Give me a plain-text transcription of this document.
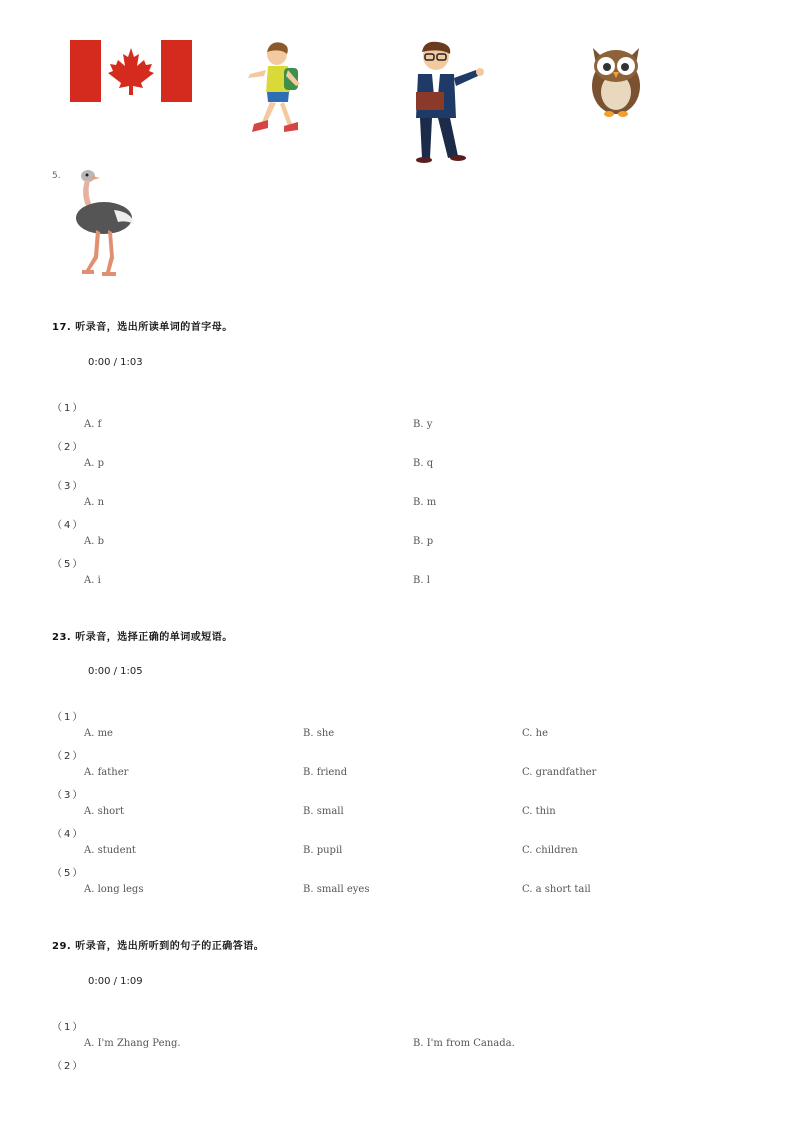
5.
17. 听录音，选出所读单词的首字母。
0:00 / 1:03
（1）
A. f	B. y
（2）
A. p	B. q
（3）
A. n	B. m
（4）
A. b	B. p
（5）
A. i	B. l
23. 听录音，选择正确的单词或短语。
0:00 / 1:05
（1）
A. me	B. she	C. he
（2）
A. father	B. friend	C. grandfather
（3）
A. short	B. small	C. thin
（4）
A. student	B. pupil	C. children
（5）
A. long legs	B. small eyes	C. a short tail
29. 听录音，选出所听到的句子的正确答语。
0:00 / 1:09
（1）
A. I'm Zhang Peng.	B. I'm from Canada.
（2）
